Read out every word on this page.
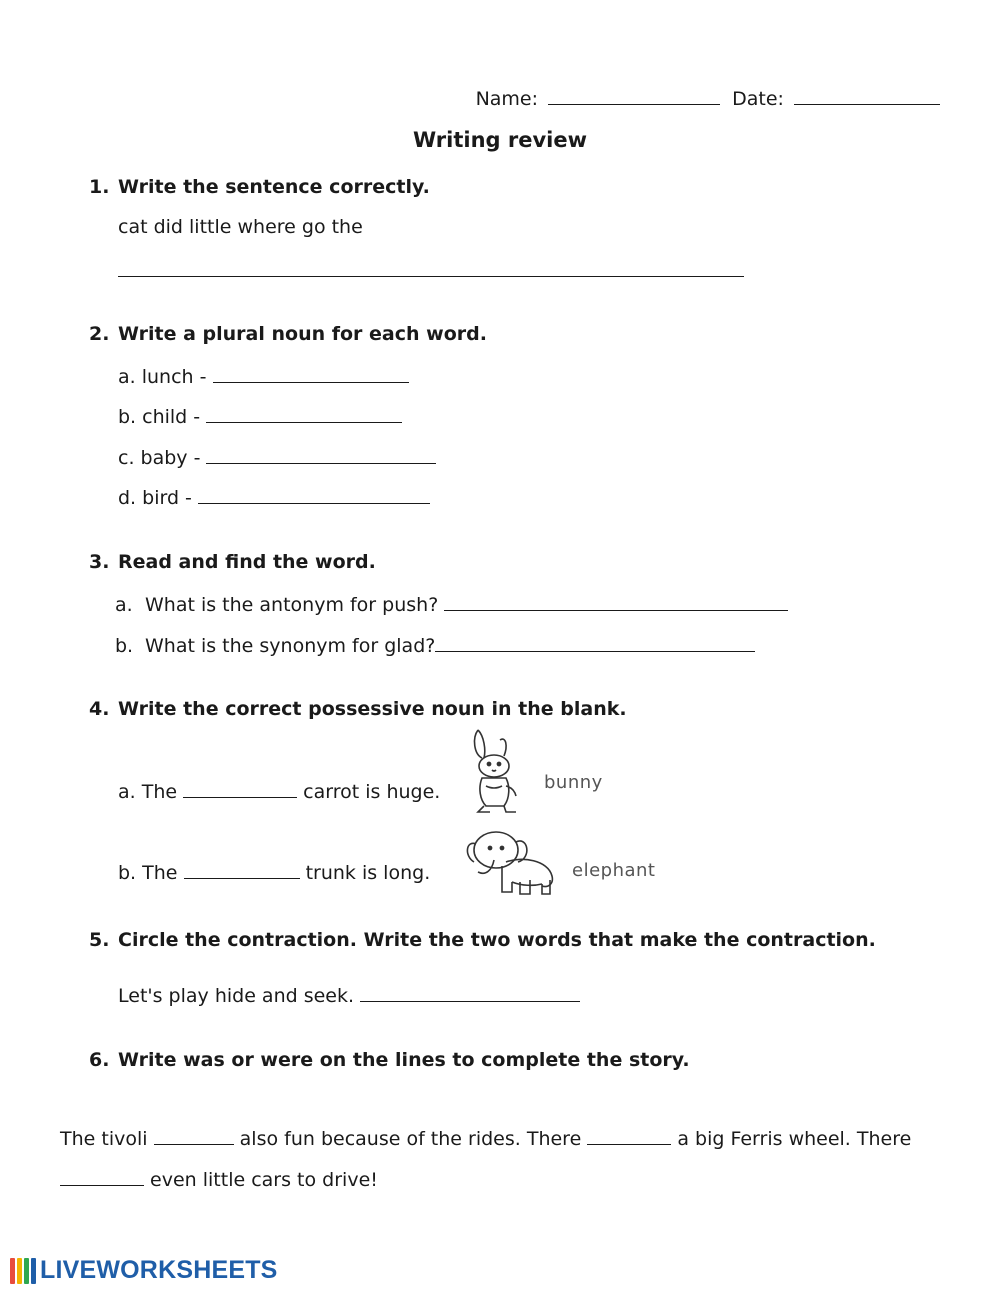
Name:	Date:
Writing review
1. Write the sentence correctly.
cat did little where go the
2. Write a plural noun for each word.
a. lunch -
b. child -
c. baby -
d. bird -
3. Read and find the word.
a. What is the antonym for push?
b. What is the synonym for glad?
4. Write the correct possessive noun in the blank.
a. The	carrot is huge.
b. The	trunk is long.
bunny
elephant
5. Circle the contraction. Write the two words that make the contraction.
Let's play hide and seek.
6. Write was or were on the lines to complete the story.
The tivoli	also fun because of the rides. There	a big Ferris wheel. There
even little cars to drive!
LIVEWORKSHEETS
